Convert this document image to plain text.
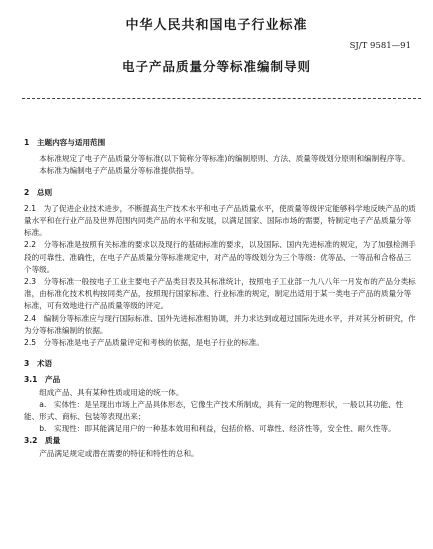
中华人民共和国电子行业标准
SJ/T 9581—91
电子产品质量分等标准编制导则

1　主题内容与适用范围

本标准规定了电子产品质量分等标准(以下简称分等标准)的编制原则、方法、质量等级划分原则和编制程序等。

本标准为编制电子产品质量分等标准提供指导。

2　总则

2.1　为了促进企业技术进步，不断提高生产技术水平和电子产品质量水平，使质量等级评定能够科学地反映产品的质量水平和在行业产品及世界范围内同类产品的水平和发展，以满足国家、国际市场的需要，特制定电子产品质量分等标准。

2.2　分等标准是按照有关标准的要求以及现行的基础标准的要求，以及国际、国内先进标准的规定，为了加强检测手段的可靠性、准确性，在电子产品质量分等标准规定中，对产品的等级划分为三个等级：优等品、一等品和合格品三个等级。

2.3　分等标准一般按电子工业主要电子产品类目表及其标准统计，按照电子工业部一九八八年一月发布的产品分类标准，由标准化技术机构按同类产品，按照现行国家标准、行业标准的规定，制定出适用于某一类电子产品的质量分等标准，可有效地进行产品质量等级的评定。

2.4　编制分等标准应与现行国际标准、国外先进标准相协调，并力求达到或超过国际先进水平，并对其分析研究，作为分等标准编制的依据。

2.5　分等标准是电子产品质量评定和考核的依据，是电子行业的标准。

3　术语

3.1　产品

组成产品、具有某种性质或用途的统一体。

a.　实体性：是呈现出市场上产品具体形态，它像生产技术所制成，具有一定的物理形状，一般以其功能、性能、形式、商标、包装等表现出来；

b.　实现性：即其能满足用户的一种基本效用和利益，包括价格、可靠性、经济性等，安全性、耐久性等。

3.2　质量

产品满足规定或潜在需要的特征和特性的总和。
